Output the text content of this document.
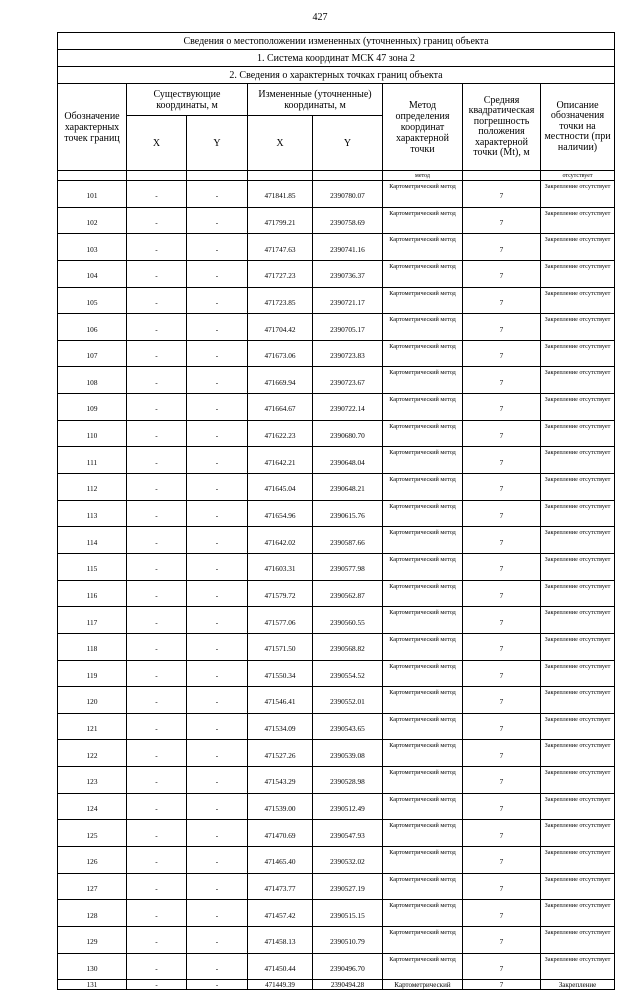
427
Сведения о местоположении измененных (уточненных) границ объекта							
1. Система координат МСК 47 зона 2							
2. Сведения о характерных точках границ объекта							
Обозначение характерных точек границ	Существующие координаты, м		Измененные (уточненные) координаты, м		Метод определения координат характерной точки	Средняя квадратическая погрешность положения характерной точки (Mt), м	Описание обозначения точки на местности (при наличии)
	X	Y	X	Y			
					метод		отсутствует
101	-	-	471841.85	2390780.07	Картометрический метод	7	Закрепление отсутствует
102	-	-	471799.21	2390758.69	Картометрический метод	7	Закрепление отсутствует
103	-	-	471747.63	2390741.16	Картометрический метод	7	Закрепление отсутствует
104	-	-	471727.23	2390736.37	Картометрический метод	7	Закрепление отсутствует
105	-	-	471723.85	2390721.17	Картометрический метод	7	Закрепление отсутствует
106	-	-	471704.42	2390705.17	Картометрический метод	7	Закрепление отсутствует
107	-	-	471673.06	2390723.83	Картометрический метод	7	Закрепление отсутствует
108	-	-	471669.94	2390723.67	Картометрический метод	7	Закрепление отсутствует
109	-	-	471664.67	2390722.14	Картометрический метод	7	Закрепление отсутствует
110	-	-	471622.23	2390680.70	Картометрический метод	7	Закрепление отсутствует
111	-	-	471642.21	2390648.04	Картометрический метод	7	Закрепление отсутствует
112	-	-	471645.04	2390648.21	Картометрический метод	7	Закрепление отсутствует
113	-	-	471654.96	2390615.76	Картометрический метод	7	Закрепление отсутствует
114	-	-	471642.02	2390587.66	Картометрический метод	7	Закрепление отсутствует
115	-	-	471603.31	2390577.98	Картометрический метод	7	Закрепление отсутствует
116	-	-	471579.72	2390562.87	Картометрический метод	7	Закрепление отсутствует
117	-	-	471577.06	2390560.55	Картометрический метод	7	Закрепление отсутствует
118	-	-	471571.50	2390568.82	Картометрический метод	7	Закрепление отсутствует
119	-	-	471550.34	2390554.52	Картометрический метод	7	Закрепление отсутствует
120	-	-	471546.41	2390552.01	Картометрический метод	7	Закрепление отсутствует
121	-	-	471534.09	2390543.65	Картометрический метод	7	Закрепление отсутствует
122	-	-	471527.26	2390539.08	Картометрический метод	7	Закрепление отсутствует
123	-	-	471543.29	2390528.98	Картометрический метод	7	Закрепление отсутствует
124	-	-	471539.00	2390512.49	Картометрический метод	7	Закрепление отсутствует
125	-	-	471470.69	2390547.93	Картометрический метод	7	Закрепление отсутствует
126	-	-	471465.40	2390532.02	Картометрический метод	7	Закрепление отсутствует
127	-	-	471473.77	2390527.19	Картометрический метод	7	Закрепление отсутствует
128	-	-	471457.42	2390515.15	Картометрический метод	7	Закрепление отсутствует
129	-	-	471458.13	2390510.79	Картометрический метод	7	Закрепление отсутствует
130	-	-	471450.44	2390496.70	Картометрический метод	7	Закрепление отсутствует
131	-	-	471449.39	2390494.28	Картометрический	7	Закрепление
